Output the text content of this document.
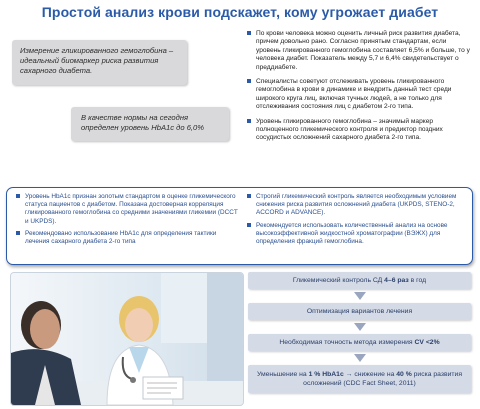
Простой анализ крови подскажет, кому угрожает диабет

Измерение гликированного гемоглобина – идеальный биомаркер риска развития сахарного диабета.

В качестве нормы на сегодня определен уровень HbA1c до 6,0%

По крови человека можно оценить личный риск развития диабета, причем довольно рано. Согласно принятым стандартам, если уровень гликированного гемоглобина составляет 6,5% и больше, то у человека диабет. Показатель между 5,7 и 6,4% свидетельствует о преддиабете.
Специалисты советуют отслеживать уровень гликированного гемоглобина в крови в динамике и внедрить данный тест среди широкого круга лиц, включая тучных людей, а не только для отслеживания состояния лиц с диабетом 2-го типа.
Уровень гликированного гемоглобина – значимый маркер полноценного гликемического контроля и предиктор поздних сосудистых осложнений сахарного диабета 2-го типа.
Уровень HbA1c признан золотым стандартом в оценке гликемического статуса пациентов с диабетом. Показана достоверная корреляция гликированного гемоглобина со средними значениями гликемии (DCCT и UKPDS).
Рекомендовано использование HbA1c для определения тактики лечения сахарного диабета 2-го типа
Строгий гликемический контроль является необходимым условием снижения риска развития осложнений диабета (UKPDS, STENO-2, ACCORD и ADVANCE).
Рекомендуется использовать количественный анализ на основе высокоэффективной жидкостной хроматографии (ВЭЖХ) для определения фракций гемоглобина.
Гликемический контроль СД 4–6 раз в год
Оптимизация вариантов лечения
Необходимая точность метода измерения CV <2%
Уменьшение на 1 % HbA1c → снижение на 40 % риска развития осложнений (CDC Fact Sheet, 2011)
